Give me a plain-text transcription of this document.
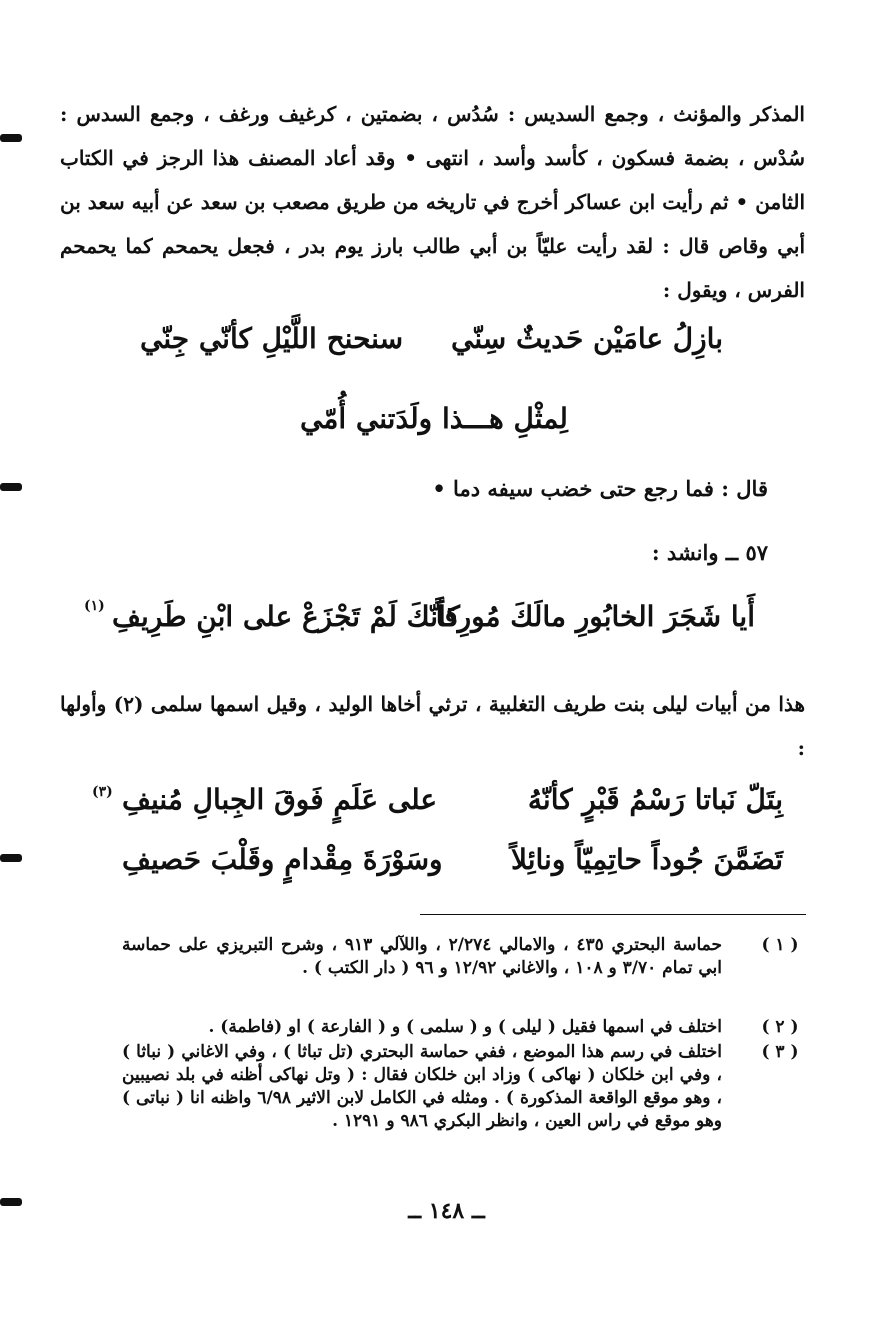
المذكر والمؤنث ، وجمع السديس : سُدُس ، بضمتين ، كرغيف ورغف ، وجمع السدس : سُدْس ، بضمة فسكون ، كأسد وأسد ، انتهى • وقد أعاد المصنف هذا الرجز في الكتاب الثامن • ثم رأيت ابن عساكر أخرج في تاريخه من طريق مصعب بن سعد عن أبيه سعد بن أبي وقاص قال : لقد رأيت عليّاً بن أبي طالب بارز يوم بدر ، فجعل يحمحم كما يحمحم الفرس ، ويقول :

بازِلُ عامَيْن حَديثٌ سِنّي
سنحنح اللَّيْلِ كأنّي جِنّي
لِمثْلِ هـــذا ولَدَتني أُمّي
قال : فما رجع حتى خضب سيفه دما •
٥٧ ــ وانشد :
أَيا شَجَرَ الخابُورِ مالَكَ مُورِقاً
كأنّكَ لَمْ تَجْزَعْ على ابْنِ طَرِيفِ
(١)

هذا من أبيات ليلى بنت طريف التغلبية ، ترثي أخاها الوليد ، وقيل اسمها سلمى (٢) وأولها :

بِتَلّ نَباتا رَسْمُ قَبْرٍ كأنّهُ
على عَلَمٍ فَوقَ الجِبالِ مُنيفِ
(٣)
تَضَمَّنَ جُوداً حاتِمِيّاً ونائِلاً
وسَوْرَةَ مِقْدامٍ وقَلْبَ حَصيفِ
( ١ )
حماسة البحتري ٤٣٥ ، والامالي ٢/٢٧٤ ، واللآلي ٩١٣ ، وشرح التبريزي على حماسة ابي تمام ٣/٧٠ و ١٠٨ ، والاغاني ١٢/٩٢ و ٩٦ ( دار الكتب ) .
( ٢ )
اختلف في اسمها فقيل ( ليلى ) و ( سلمى ) و ( الفارعة ) او (فاطمة) .
( ٣ )
اختلف في رسم هذا الموضع ، ففي حماسة البحتري (تل تباثا ) ، وفي الاغاني ( نباثا ) ، وفي ابن خلكان ( نهاكى ) وزاد ابن خلكان فقال : ( وتل نهاكى أظنه في بلد نصيبين ، وهو موقع الواقعة المذكورة ) . ومثله في الكامل لابن الاثير ٦/٩٨ واظنه انا ( نباتى ) وهو موقع في راس العين ، وانظر البكري ٩٨٦ و ١٢٩١ .
ــ ١٤٨ ــ
